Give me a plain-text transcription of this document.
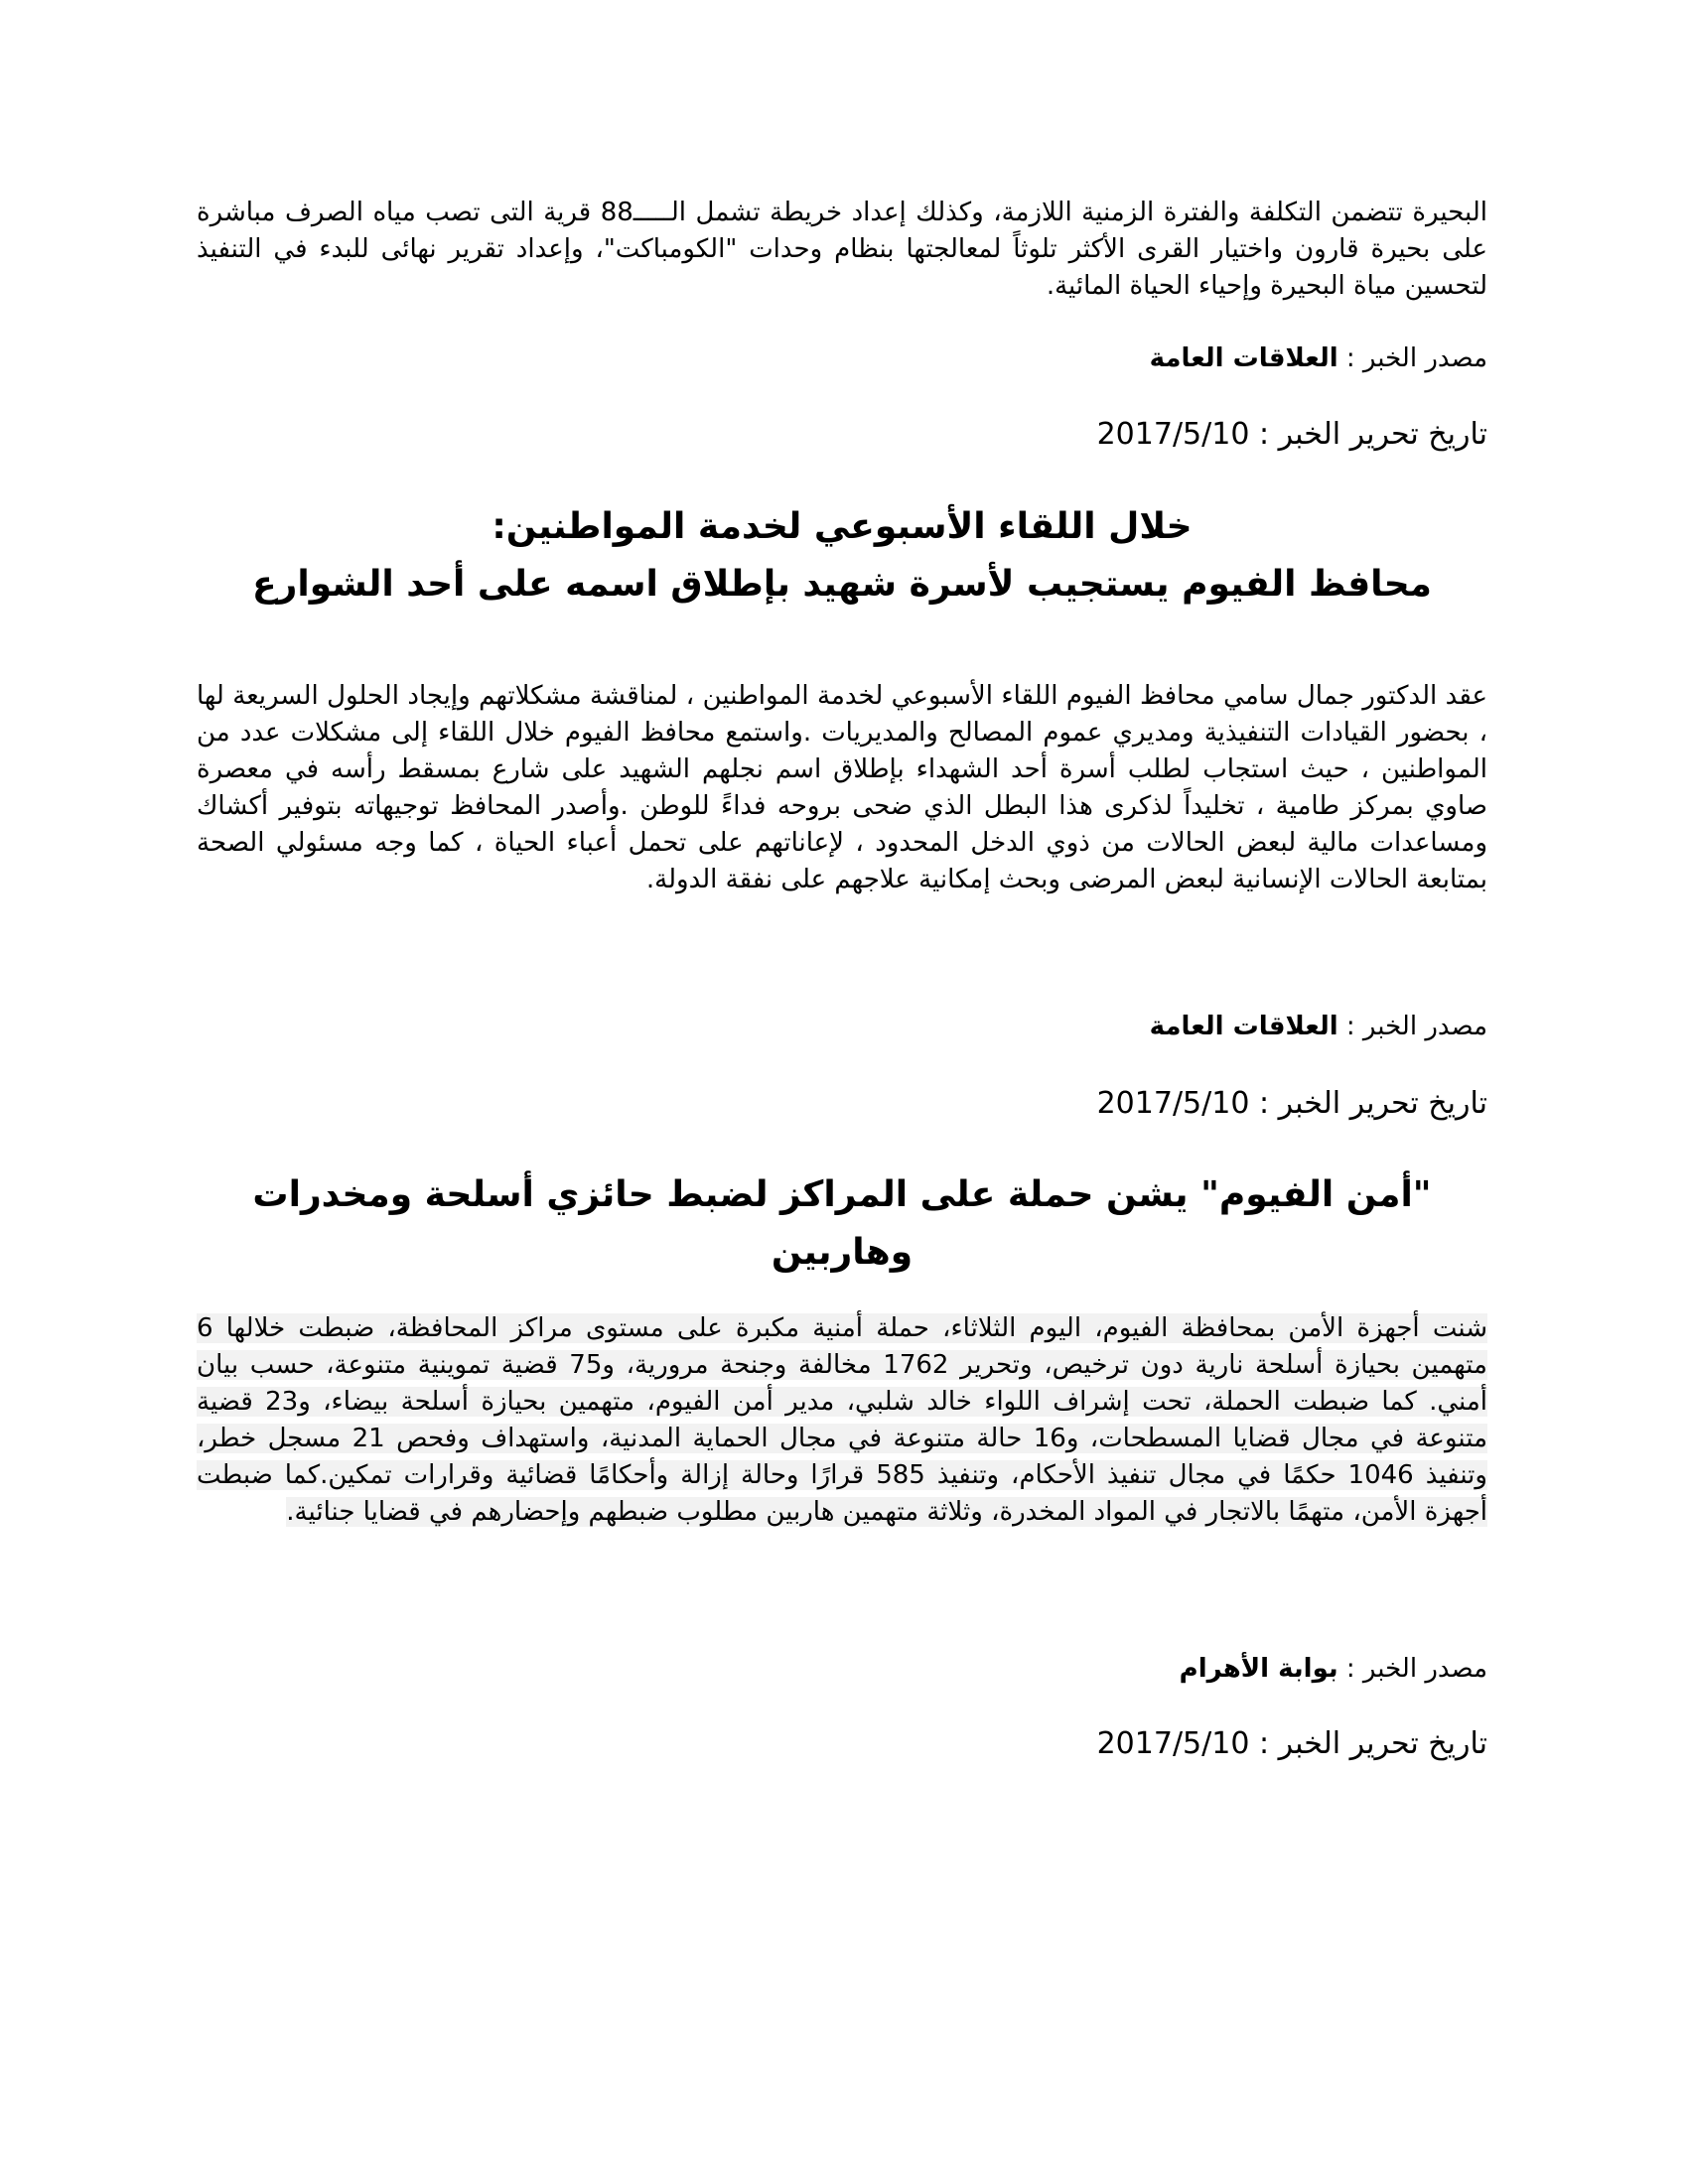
البحيرة تتضمن التكلفة والفترة الزمنية اللازمة، وكذلك إعداد خريطة تشمل الـــــ88 قرية التى تصب مياه الصرف مباشرة على بحيرة قارون واختيار القرى الأكثر تلوثاً لمعالجتها بنظام وحدات "الكومباكت"، وإعداد تقرير نهائى للبدء في التنفيذ لتحسين مياة البحيرة وإحياء الحياة المائية.

مصدر الخبر : العلاقات العامة

تاريخ تحرير الخبر : 2017/5/10

خلال اللقاء الأسبوعي لخدمة المواطنين:
محافظ الفيوم يستجيب لأسرة شهيد بإطلاق اسمه على أحد الشوارع

عقد الدكتور جمال سامي محافظ الفيوم اللقاء الأسبوعي لخدمة المواطنين ، لمناقشة مشكلاتهم وإيجاد الحلول السريعة لها ، بحضور القيادات التنفيذية ومديري عموم المصالح والمديريات .واستمع محافظ الفيوم خلال اللقاء إلى مشكلات عدد من المواطنين ، حيث استجاب لطلب أسرة أحد الشهداء بإطلاق اسم نجلهم الشهيد على شارع بمسقط رأسه في معصرة صاوي بمركز طامية ، تخليداً لذكرى هذا البطل الذي ضحى بروحه فداءً للوطن .وأصدر المحافظ توجيهاته بتوفير أكشاك ومساعدات مالية لبعض الحالات من ذوي الدخل المحدود ، لإعاناتهم على تحمل أعباء الحياة ، كما وجه مسئولي الصحة بمتابعة الحالات الإنسانية لبعض المرضى وبحث إمكانية علاجهم على نفقة الدولة.

مصدر الخبر : العلاقات العامة

تاريخ تحرير الخبر : 2017/5/10

"أمن الفيوم" يشن حملة على المراكز لضبط حائزي أسلحة ومخدرات وهاربين

شنت أجهزة الأمن بمحافظة الفيوم، اليوم الثلاثاء، حملة أمنية مكبرة على مستوى مراكز المحافظة، ضبطت خلالها 6 متهمين بحيازة أسلحة نارية دون ترخيص، وتحرير 1762 مخالفة وجنحة مرورية، و75 قضية تموينية متنوعة، حسب بيان أمني. كما ضبطت الحملة، تحت إشراف اللواء خالد شلبي، مدير أمن الفيوم، متهمين بحيازة أسلحة بيضاء، و23 قضية متنوعة في مجال قضايا المسطحات، و16 حالة متنوعة في مجال الحماية المدنية، واستهداف وفحص 21 مسجل خطر، وتنفيذ 1046 حكمًا في مجال تنفيذ الأحكام، وتنفيذ 585 قرارًا وحالة إزالة وأحكامًا قضائية وقرارات تمكين.كما ضبطت أجهزة الأمن، متهمًا بالاتجار في المواد المخدرة، وثلاثة متهمين هاربين مطلوب ضبطهم وإحضارهم في قضايا جنائية.

مصدر الخبر : بوابة الأهرام

تاريخ تحرير الخبر : 2017/5/10
